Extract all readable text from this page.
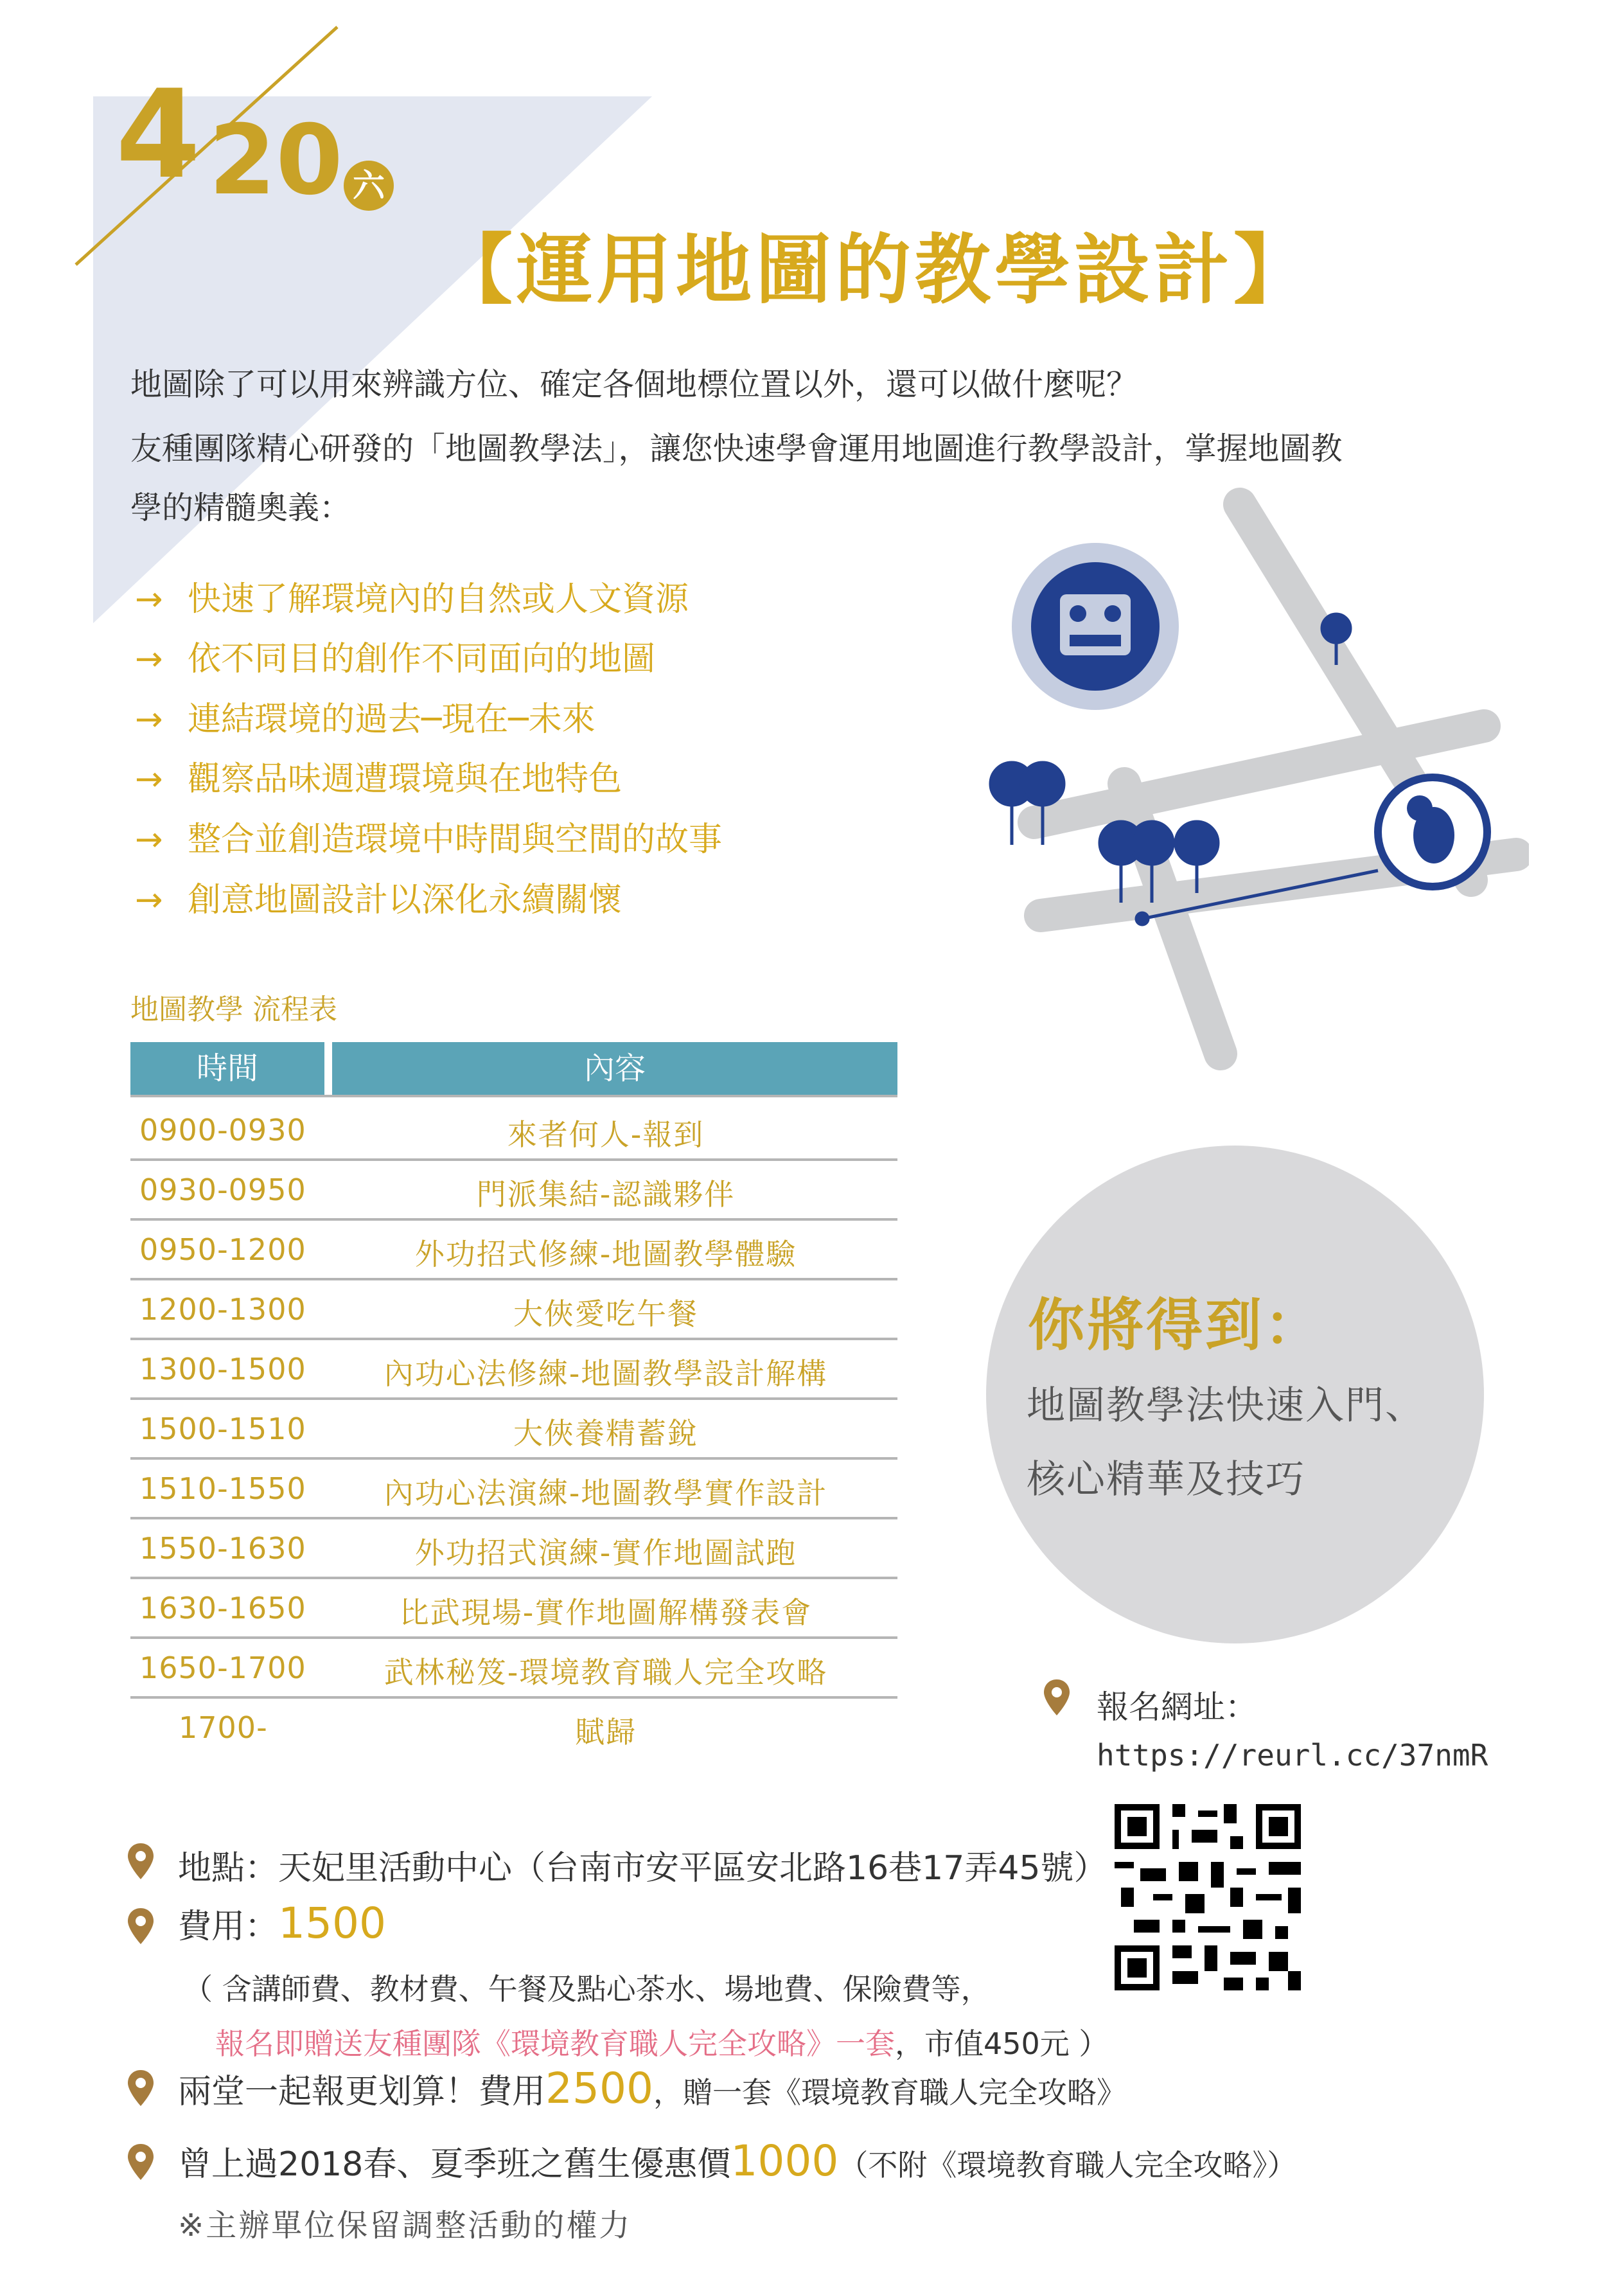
4 20 六
【運用地圖的教學設計】
地圖除了可以用來辨識方位、確定各個地標位置以外，還可以做什麼呢？
友種團隊精心研發的「地圖教學法」，讓您快速學會運用地圖進行教學設計，掌握地圖教
學的精髓奧義：
→ 快速了解環境內的自然或人文資源
→ 依不同目的創作不同面向的地圖
→ 連結環境的過去─現在─未來
→ 觀察品味週遭環境與在地特色
→ 整合並創造環境中時間與空間的故事
→ 創意地圖設計以深化永續關懷
地圖教學 流程表
時間	內容
0900-0930	來者何人-報到
0930-0950	門派集結-認識夥伴
0950-1200	外功招式修練-地圖教學體驗
1200-1300	大俠愛吃午餐
1300-1500	內功心法修練-地圖教學設計解構
1500-1510	大俠養精蓄銳
1510-1550	內功心法演練-地圖教學實作設計
1550-1630	外功招式演練-實作地圖試跑
1630-1650	比武現場-實作地圖解構發表會
1650-1700	武林秘笈-環境教育職人完全攻略
1700-	賦歸
你將得到：
地圖教學法快速入門、
核心精華及技巧
報名網址：
https://reurl.cc/37nmR
地點：天妃里活動中心（台南市安平區安北路16巷17弄45號）
費用：1500
（ 含講師費、教材費、午餐及點心茶水、場地費、保險費等，
報名即贈送友種團隊《環境教育職人完全攻略》一套，市值450元 ）
兩堂一起報更划算！費用2500，贈一套《環境教育職人完全攻略》
曾上過2018春、夏季班之舊生優惠價1000（不附《環境教育職人完全攻略》）
※主辦單位保留調整活動的權力
